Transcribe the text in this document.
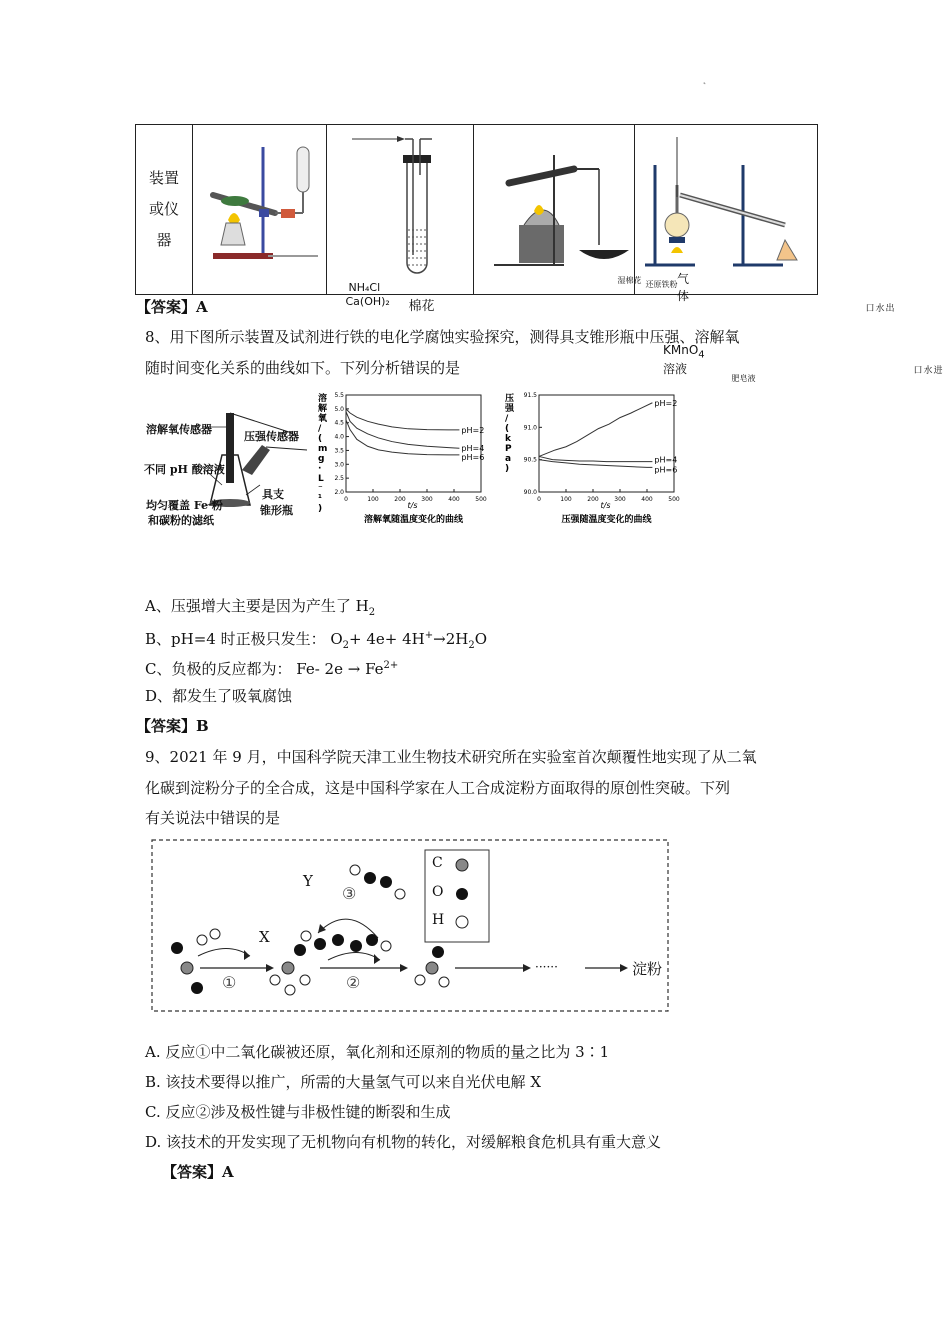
˛
装置
或仪
器

NH₄Cl
Ca(OH)₂ 棉花

气体
KMnO$_4$溶液

湿棉花 还原铁粉
肥皂液

出水口
进水口
【答案】A
8、用下图所示装置及试剂进行铁的电化学腐蚀实验探究，测得具支锥形瓶中压强、溶解氧
随时间变化关系的曲线如下。下列分析错误的是
溶解氧传感器
压强传感器
不同 pH 酸溶液
均匀覆盖 Fe 粉
和碳粉的滤纸
具支
锥形瓶
0	100	200	300	400	500
2.0
2.5
3.0
3.5
4.0
4.5
5.0
5.5
t/s
溶解氧/ ( m g · L ⁻ ¹ )
pH=2
pH=4
pH=6
溶解氧随温度变化的曲线
0	100	200	300	400	500
90.0
90.5
91.0
91.5
t/s
压强/ ( k P a )
pH=2
pH=4
pH=6
压强随温度变化的曲线
A、压强增大主要是因为产生了 $H_2$
B、pH=4 时正极只发生： $O_2+ 4e+ 4H^+\to 2H_2O$
C、负极的反应都为： Fe- $2e \to Fe^{2+}$
D、都发生了吸氧腐蚀
【答案】B
9、2021 年 9 月，中国科学院天津工业生物技术研究所在实验室首次颠覆性地实现了从二氧
化碳到淀粉分子的全合成，这是中国科学家在人工合成淀粉方面取得的原创性突破。下列
有关说法中错误的是
C
O
H
X
Y
①	②
③
······	淀粉
A. 反应①中二氧化碳被还原，氧化剂和还原剂的物质的量之比为 3∶1
B. 该技术要得以推广，所需的大量氢气可以来自光伏电解 X
C. 反应②涉及极性键与非极性键的断裂和生成
D. 该技术的开发实现了无机物向有机物的转化，对缓解粮食危机具有重大意义
【答案】A
